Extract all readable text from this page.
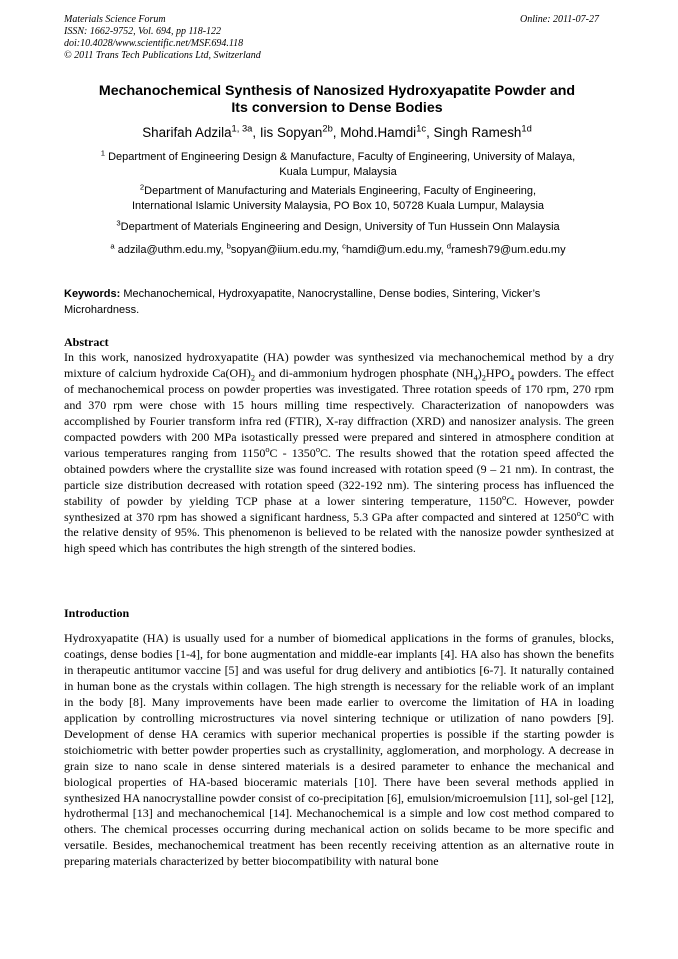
Materials Science Forum
ISSN: 1662-9752, Vol. 694, pp 118-122
doi:10.4028/www.scientific.net/MSF.694.118
© 2011 Trans Tech Publications Ltd, Switzerland
Online: 2011-07-27
Mechanochemical Synthesis of Nanosized Hydroxyapatite Powder and
Its conversion to Dense Bodies
Sharifah Adzila$^{1, 3a}$, Iis Sopyan$^{2b}$, Mohd.Hamdi$^{1c}$, Singh Ramesh$^{1d}$
$^1$ Department of Engineering Design & Manufacture, Faculty of Engineering, University of Malaya,
Kuala Lumpur, Malaysia
$^2$Department of Manufacturing and Materials Engineering, Faculty of Engineering,
International Islamic University Malaysia, PO Box 10, 50728 Kuala Lumpur, Malaysia
$^3$Department of Materials Engineering and Design, University of Tun Hussein Onn Malaysia
$^a$ adzila@uthm.edu.my, $^b$sopyan@iium.edu.my, $^c$hamdi@um.edu.my, $^d$ramesh79@um.edu.my
Keywords: Mechanochemical, Hydroxyapatite, Nanocrystalline, Dense bodies, Sintering, Vicker’s Microhardness.
Abstract
In this work, nanosized hydroxyapatite (HA) powder was synthesized via mechanochemical method by a dry mixture of calcium hydroxide $Ca(OH)_2$ and di-ammonium hydrogen phosphate $(NH_4)_2HPO_4$ powders. The effect of mechanochemical process on powder properties was investigated. Three rotation speeds of 170 rpm, 270 rpm and 370 rpm were chose with 15 hours milling time respectively. Characterization of nanopowders was accomplished by Fourier transform infra red (FTIR), X-ray diffraction (XRD) and nanosizer analysis. The green compacted powders with 200 MPa isotastically pressed were prepared and sintered in atmosphere condition at various temperatures ranging from 1150$^o$C - 1350$^o$C. The results showed that the rotation speed affected the obtained powders where the crystallite size was found increased with rotation speed (9 – 21 nm). In contrast, the particle size distribution decreased with rotation speed (322-192 nm). The sintering process has influenced the stability of powder by yielding TCP phase at a lower sintering temperature, 1150$^o$C. However, powder synthesized at 370 rpm has showed a significant hardness, 5.3 GPa after compacted and sintered at 1250$^o$C with the relative density of 95%. This phenomenon is believed to be related with the nanosize powder synthesized at high speed which has contributes the high strength of the sintered bodies.
Introduction
Hydroxyapatite (HA) is usually used for a number of biomedical applications in the forms of granules, blocks, coatings, dense bodies [1-4], for bone augmentation and middle-ear implants [4]. HA also has shown the benefits in therapeutic antitumor vaccine [5] and was useful for drug delivery and antibiotics [6-7]. It naturally contained in human bone as the crystals within collagen. The high strength is necessary for the reliable work of an implant in the body [8]. Many improvements have been made earlier to overcome the limitation of HA in loading application by controlling microstructures via novel sintering technique or utilization of nano powders [9]. Development of dense HA ceramics with superior mechanical properties is possible if the starting powder is stoichiometric with better powder properties such as crystallinity, agglomeration, and morphology. A decrease in grain size to nano scale in dense sintered materials is a desired parameter to enhance the mechanical and biological properties of HA-based bioceramic materials [10]. There have been several methods applied in synthesized HA nanocrystalline powder consist of co-precipitation [6], emulsion/microemulsion [11], sol-gel [12], hydrothermal [13] and mechanochemical [14]. Mechanochemical is a simple and low cost method compared to others. The chemical processes occurring during mechanical action on solids became to be more specific and versatile. Besides, mechanochemical treatment has been recently receiving attention as an alternative route in preparing materials characterized by better biocompatibility with natural bone
